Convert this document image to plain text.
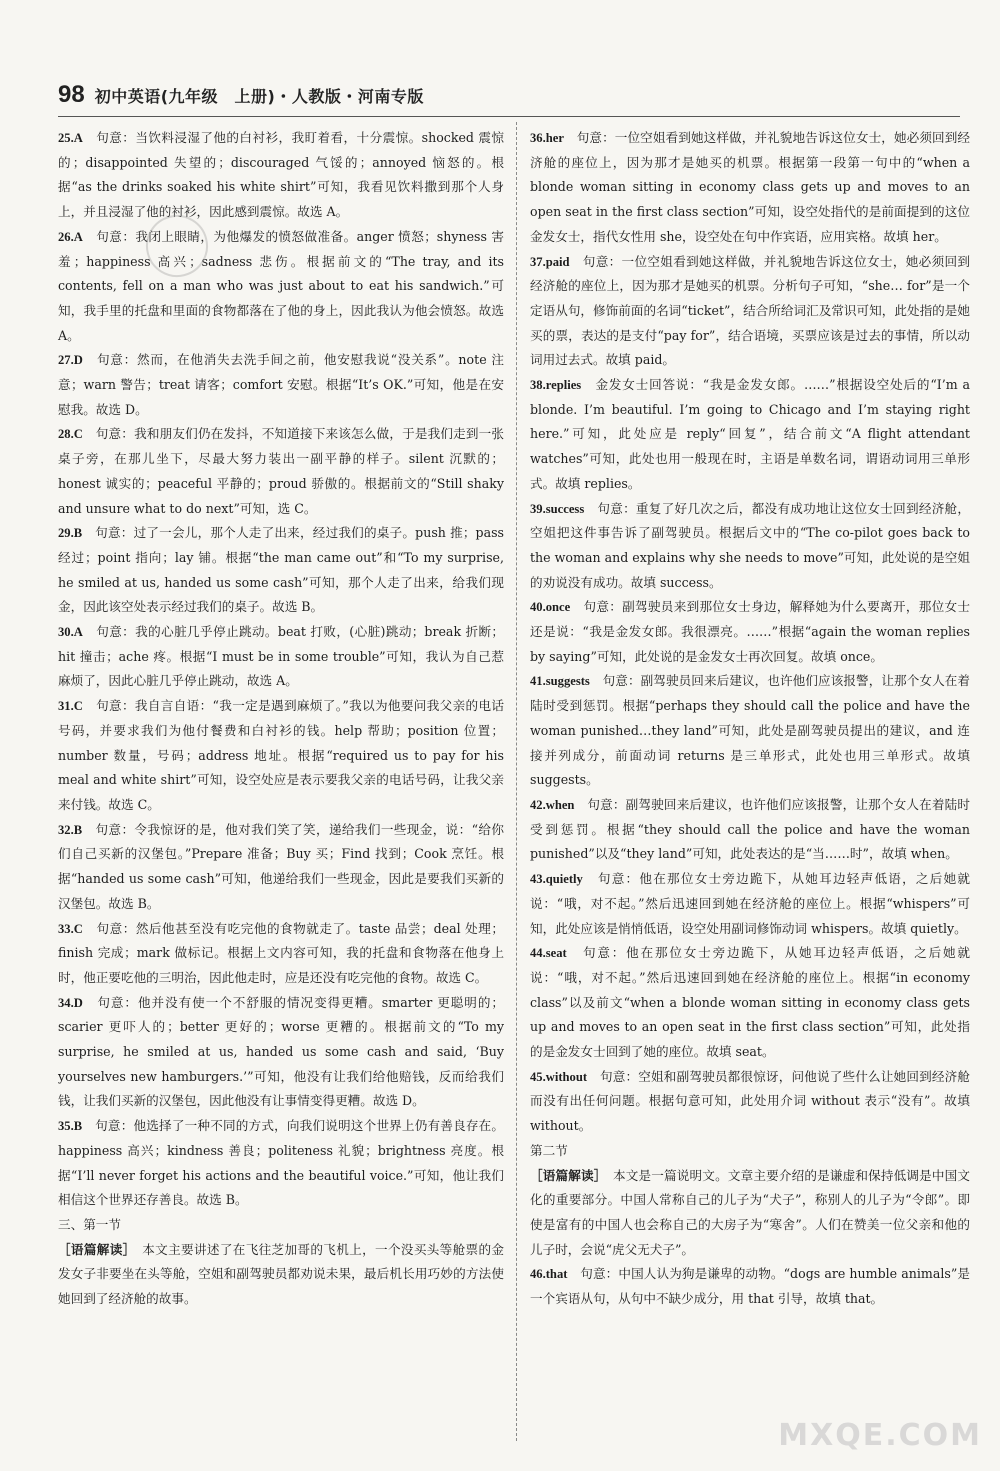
98 初中英语(九年级　上册)・人教版・河南专版

25.A　 句意：当饮料浸湿了他的白衬衫，我盯着看，十分震惊。shocked 震惊的；disappointed 失望的；discouraged 气馁的；annoyed 恼怒的。根据“as the drinks soaked his white shirt”可知，我看见饮料撒到那个人身上，并且浸湿了他的衬衫，因此感到震惊。故选 A。

26.A　 句意：我闭上眼睛，为他爆发的愤怒做准备。anger 愤怒；shyness 害羞；happiness 高兴；sadness 悲伤。根据前文的“The tray, and its contents, fell on a man who was just about to eat his sandwich.”可知，我手里的托盘和里面的食物都落在了他的身上，因此我认为他会愤怒。故选 A。

27.D　 句意：然而，在他消失去洗手间之前，他安慰我说“没关系”。note 注意；warn 警告；treat 请客；comfort 安慰。根据“It’s OK.”可知，他是在安慰我。故选 D。

28.C　 句意：我和朋友们仍在发抖，不知道接下来该怎么做，于是我们走到一张桌子旁，在那儿坐下，尽最大努力装出一副平静的样子。silent 沉默的；honest 诚实的；peaceful 平静的；proud 骄傲的。根据前文的“Still shaky and unsure what to do next”可知，选 C。

29.B　 句意：过了一会儿，那个人走了出来，经过我们的桌子。push 推；pass 经过；point 指向；lay 铺。根据“the man came out”和“To my surprise, he smiled at us, handed us some cash”可知，那个人走了出来，给我们现金，因此该空处表示经过我们的桌子。故选 B。

30.A　 句意：我的心脏几乎停止跳动。beat 打败，(心脏)跳动；break 折断；hit 撞击；ache 疼。根据“I must be in some trouble”可知，我认为自己惹麻烦了，因此心脏几乎停止跳动，故选 A。

31.C　 句意：我自言自语：“我一定是遇到麻烦了。”我以为他要问我父亲的电话号码，并要求我们为他付餐费和白衬衫的钱。help 帮助；position 位置；number 数量，号码；address 地址。根据“required us to pay for his meal and white shirt”可知，设空处应是表示要我父亲的电话号码，让我父亲来付钱。故选 C。

32.B　 句意：令我惊讶的是，他对我们笑了笑，递给我们一些现金，说：“给你们自己买新的汉堡包。”Prepare 准备；Buy 买；Find 找到；Cook 烹饪。根据“handed us some cash”可知，他递给我们一些现金，因此是要我们买新的汉堡包。故选 B。

33.C　 句意：然后他甚至没有吃完他的食物就走了。taste 品尝；deal 处理；finish 完成；mark 做标记。根据上文内容可知，我的托盘和食物落在他身上时，他正要吃他的三明治，因此他走时，应是还没有吃完他的食物。故选 C。

34.D　 句意：他并没有使一个不舒服的情况变得更糟。smarter 更聪明的；scarier 更吓人的；better 更好的；worse 更糟的。根据前文的“To my surprise, he smiled at us, handed us some cash and said, ‘Buy yourselves new hamburgers.’”可知，他没有让我们给他赔钱，反而给我们钱，让我们买新的汉堡包，因此他没有让事情变得更糟。故选 D。

35.B　 句意：他选择了一种不同的方式，向我们说明这个世界上仍有善良存在。happiness 高兴；kindness 善良；politeness 礼貌；brightness 亮度。根据“I’ll never forget his actions and the beautiful voice.”可知，他让我们相信这个世界还存善良。故选 B。

三、第一节

［语篇解读］　 本文主要讲述了在飞往芝加哥的飞机上，一个没买头等舱票的金发女子非要坐在头等舱，空姐和副驾驶员都劝说未果，最后机长用巧妙的方法使她回到了经济舱的故事。

36.her　 句意：一位空姐看到她这样做，并礼貌地告诉这位女士，她必须回到经济舱的座位上，因为那才是她买的机票。根据第一段第一句中的“when a blonde woman sitting in economy class gets up and moves to an open seat in the first class section”可知，设空处指代的是前面提到的这位金发女士，指代女性用 she，设空处在句中作宾语，应用宾格。故填 her。

37.paid　 句意：一位空姐看到她这样做，并礼貌地告诉这位女士，她必须回到经济舱的座位上，因为那才是她买的机票。分析句子可知，“she… for”是一个定语从句，修饰前面的名词“ticket”，结合所给词汇及常识可知，此处指的是她买的票，表达的是支付“pay for”，结合语境，买票应该是过去的事情，所以动词用过去式。故填 paid。

38.replies　 金发女士回答说：“我是金发女郎。……”根据设空处后的“I’m a blonde. I’m beautiful. I’m going to Chicago and I’m staying right here.”可知，此处应是 reply“回复”，结合前文“A flight attendant watches”可知，此处也用一般现在时，主语是单数名词，谓语动词用三单形式。故填 replies。

39.success　 句意：重复了好几次之后，都没有成功地让这位女士回到经济舱，空姐把这件事告诉了副驾驶员。根据后文中的“The co-pilot goes back to the woman and explains why she needs to move”可知，此处说的是空姐的劝说没有成功。故填 success。

40.once　 句意：副驾驶员来到那位女士身边，解释她为什么要离开，那位女士还是说：“我是金发女郎。我很漂亮。……”根据“again the woman replies by saying”可知，此处说的是金发女士再次回复。故填 once。

41.suggests　 句意：副驾驶员回来后建议，也许他们应该报警，让那个女人在着陆时受到惩罚。根据“perhaps they should call the police and have the woman punished…they land”可知，此处是副驾驶员提出的建议，and 连接并列成分，前面动词 returns 是三单形式，此处也用三单形式。故填 suggests。

42.when　 句意：副驾驶回来后建议，也许他们应该报警，让那个女人在着陆时受到惩罚。根据“they should call the police and have the woman punished”以及“they land”可知，此处表达的是“当……时”，故填 when。

43.quietly　 句意：他在那位女士旁边跪下，从她耳边轻声低语，之后她就说：“哦，对不起。”然后迅速回到她在经济舱的座位上。根据“whispers”可知，此处应该是悄悄低语，设空处用副词修饰动词 whispers。故填 quietly。

44.seat　 句意：他在那位女士旁边跪下，从她耳边轻声低语，之后她就说：“哦，对不起。”然后迅速回到她在经济舱的座位上。根据“in economy class”以及前文“when a blonde woman sitting in economy class gets up and moves to an open seat in the first class section”可知，此处指的是金发女士回到了她的座位。故填 seat。

45.without　 句意：空姐和副驾驶员都很惊讶，问他说了些什么让她回到经济舱而没有出任何问题。根据句意可知，此处用介词 without 表示“没有”。故填 without。

第二节

［语篇解读］　 本文是一篇说明文。文章主要介绍的是谦虚和保持低调是中国文化的重要部分。中国人常称自己的儿子为“犬子”，称别人的儿子为“令郎”。即使是富有的中国人也会称自己的大房子为“寒舍”。人们在赞美一位父亲和他的儿子时，会说“虎父无犬子”。

46.that　 句意：中国人认为狗是谦卑的动物。“dogs are humble animals”是一个宾语从句，从句中不缺少成分，用 that 引导，故填 that。

MXQE.COM
